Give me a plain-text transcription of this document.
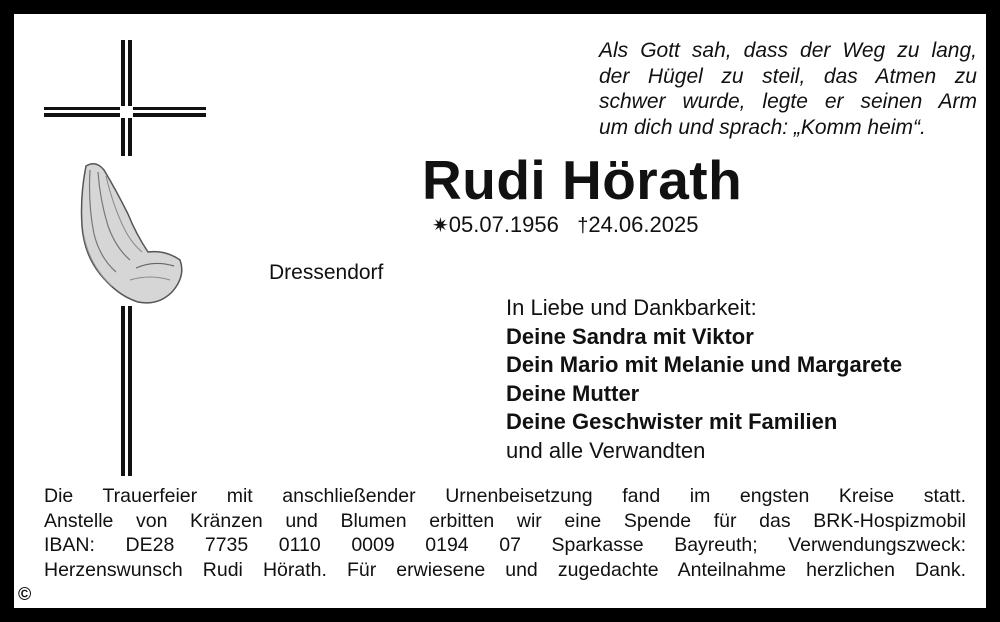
Als Gott sah, dass der Weg zu lang,
der Hügel zu steil, das Atmen zu
schwer wurde, legte er seinen Arm
um dich und sprach: „Komm heim“.
Rudi Hörath
✷05.07.1956 †24.06.2025
Dressendorf
In Liebe und Dankbarkeit:
Deine Sandra mit Viktor
Dein Mario mit Melanie und Margarete
Deine Mutter
Deine Geschwister mit Familien
und alle Verwandten
Die Trauerfeier mit anschließender Urnenbeisetzung fand im engsten Kreise statt.
Anstelle von Kränzen und Blumen erbitten wir eine Spende für das BRK-Hospizmobil
IBAN: DE28 7735 0110 0009 0194 07 Sparkasse Bayreuth; Verwendungszweck:
Herzenswunsch Rudi Hörath. Für erwiesene und zugedachte Anteilnahme herzlichen Dank.
©
